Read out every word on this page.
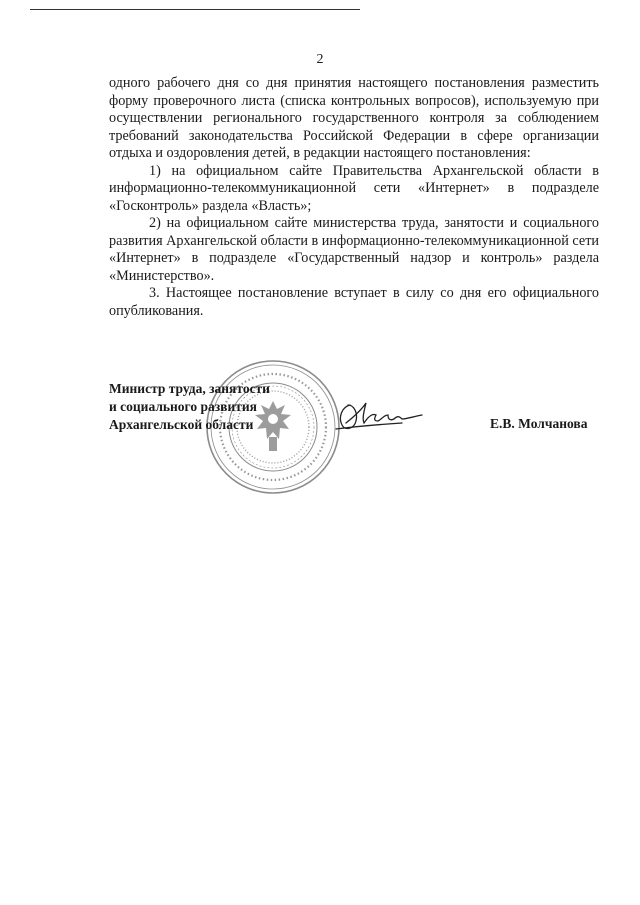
2

одного рабочего дня со дня принятия настоящего постановления разместить форму проверочного листа (списка контрольных вопросов), используемую при осуществлении регионального государственного контроля за соблюдением требований законодательства Российской Федерации в сфере организации отдыха и оздоровления детей, в редакции настоящего постановления:

1) на официальном сайте Правительства Архангельской области в информационно-телекоммуникационной сети «Интернет» в подразделе «Госконтроль» раздела «Власть»;

2) на официальном сайте министерства труда, занятости и социального развития Архангельской области в информационно-телекоммуникационной сети «Интернет» в подразделе «Государственный надзор и контроль» раздела «Министерство».

3. Настоящее постановление вступает в силу со дня его официального опубликования.

Министр труда, занятости
и социального развития
Архангельской области	Е.В. Молчанова
